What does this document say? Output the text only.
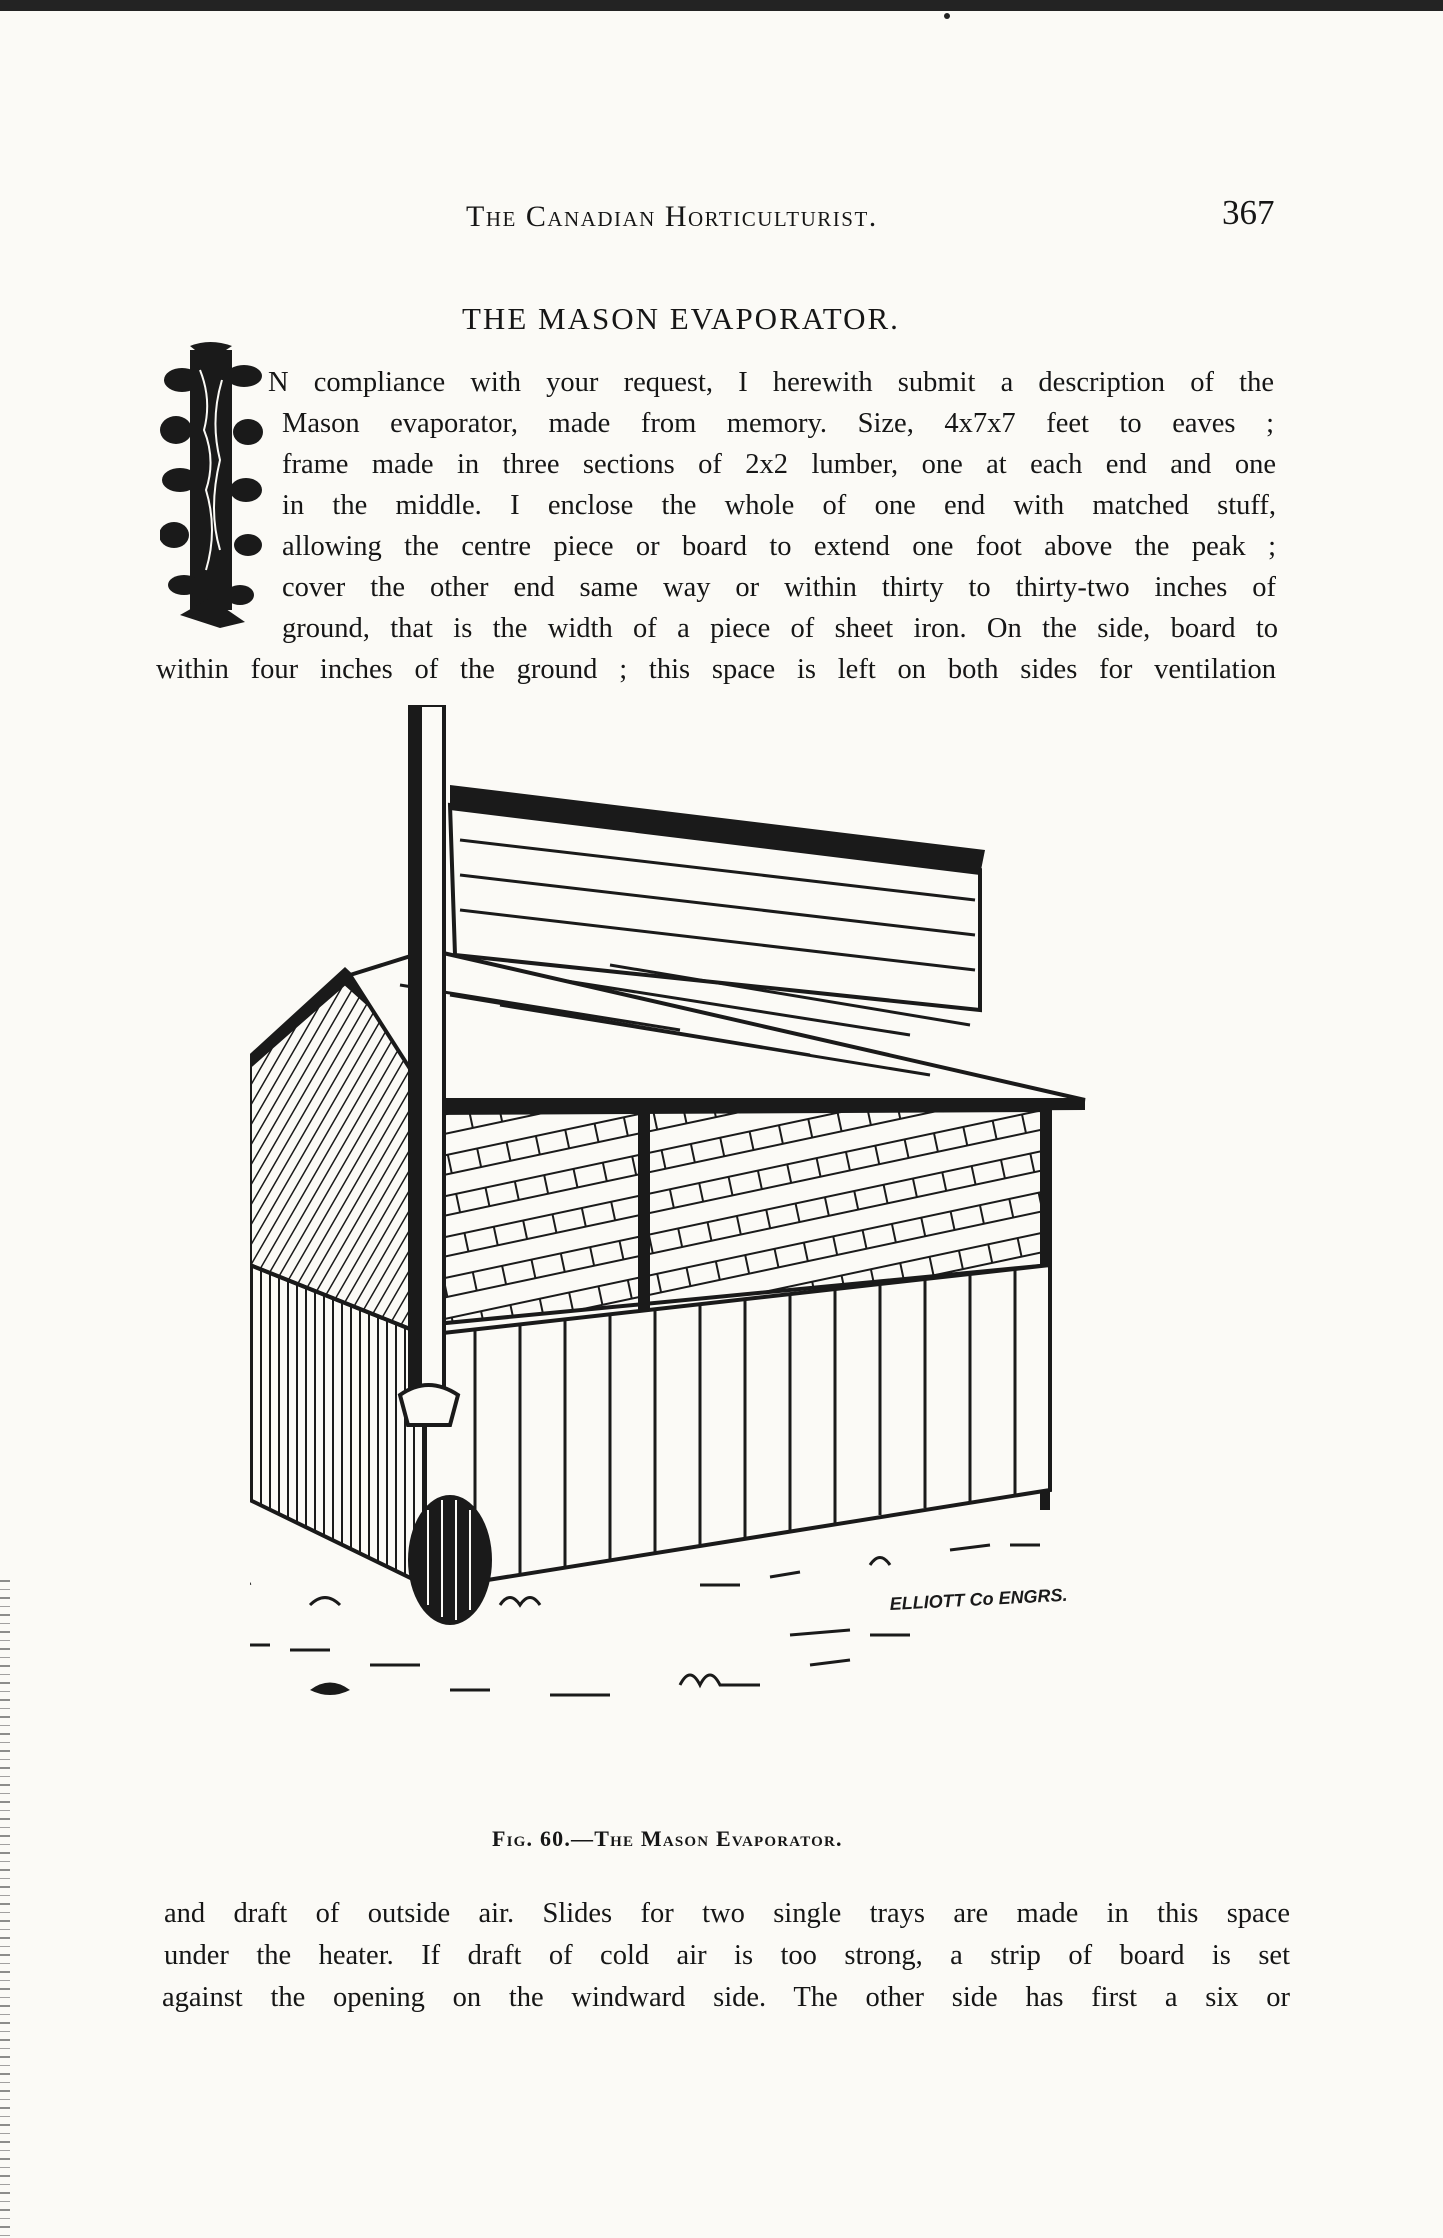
The Canadian Horticulturist.	367
THE MASON EVAPORATOR.
I
N compliance with your request, I herewith submit a description of the
Mason evaporator, made from memory. Size, 4x7x7 feet to eaves ;
frame made in three sections of 2x2 lumber, one at each end and one
in the middle. I enclose the whole of one end with matched stuff,
allowing the centre piece or board to extend one foot above the peak ;
cover the other end same way or within thirty to thirty-two inches of
ground, that is the width of a piece of sheet iron. On the side, board to
within four inches of the ground ; this space is left on both sides for ventilation
ELLIOTT Co ENGRS.
Fig. 60.—The Mason Evaporator.
and draft of outside air. Slides for two single trays are made in this space
under the heater. If draft of cold air is too strong, a strip of board is set
against the opening on the windward side. The other side has first a six or
